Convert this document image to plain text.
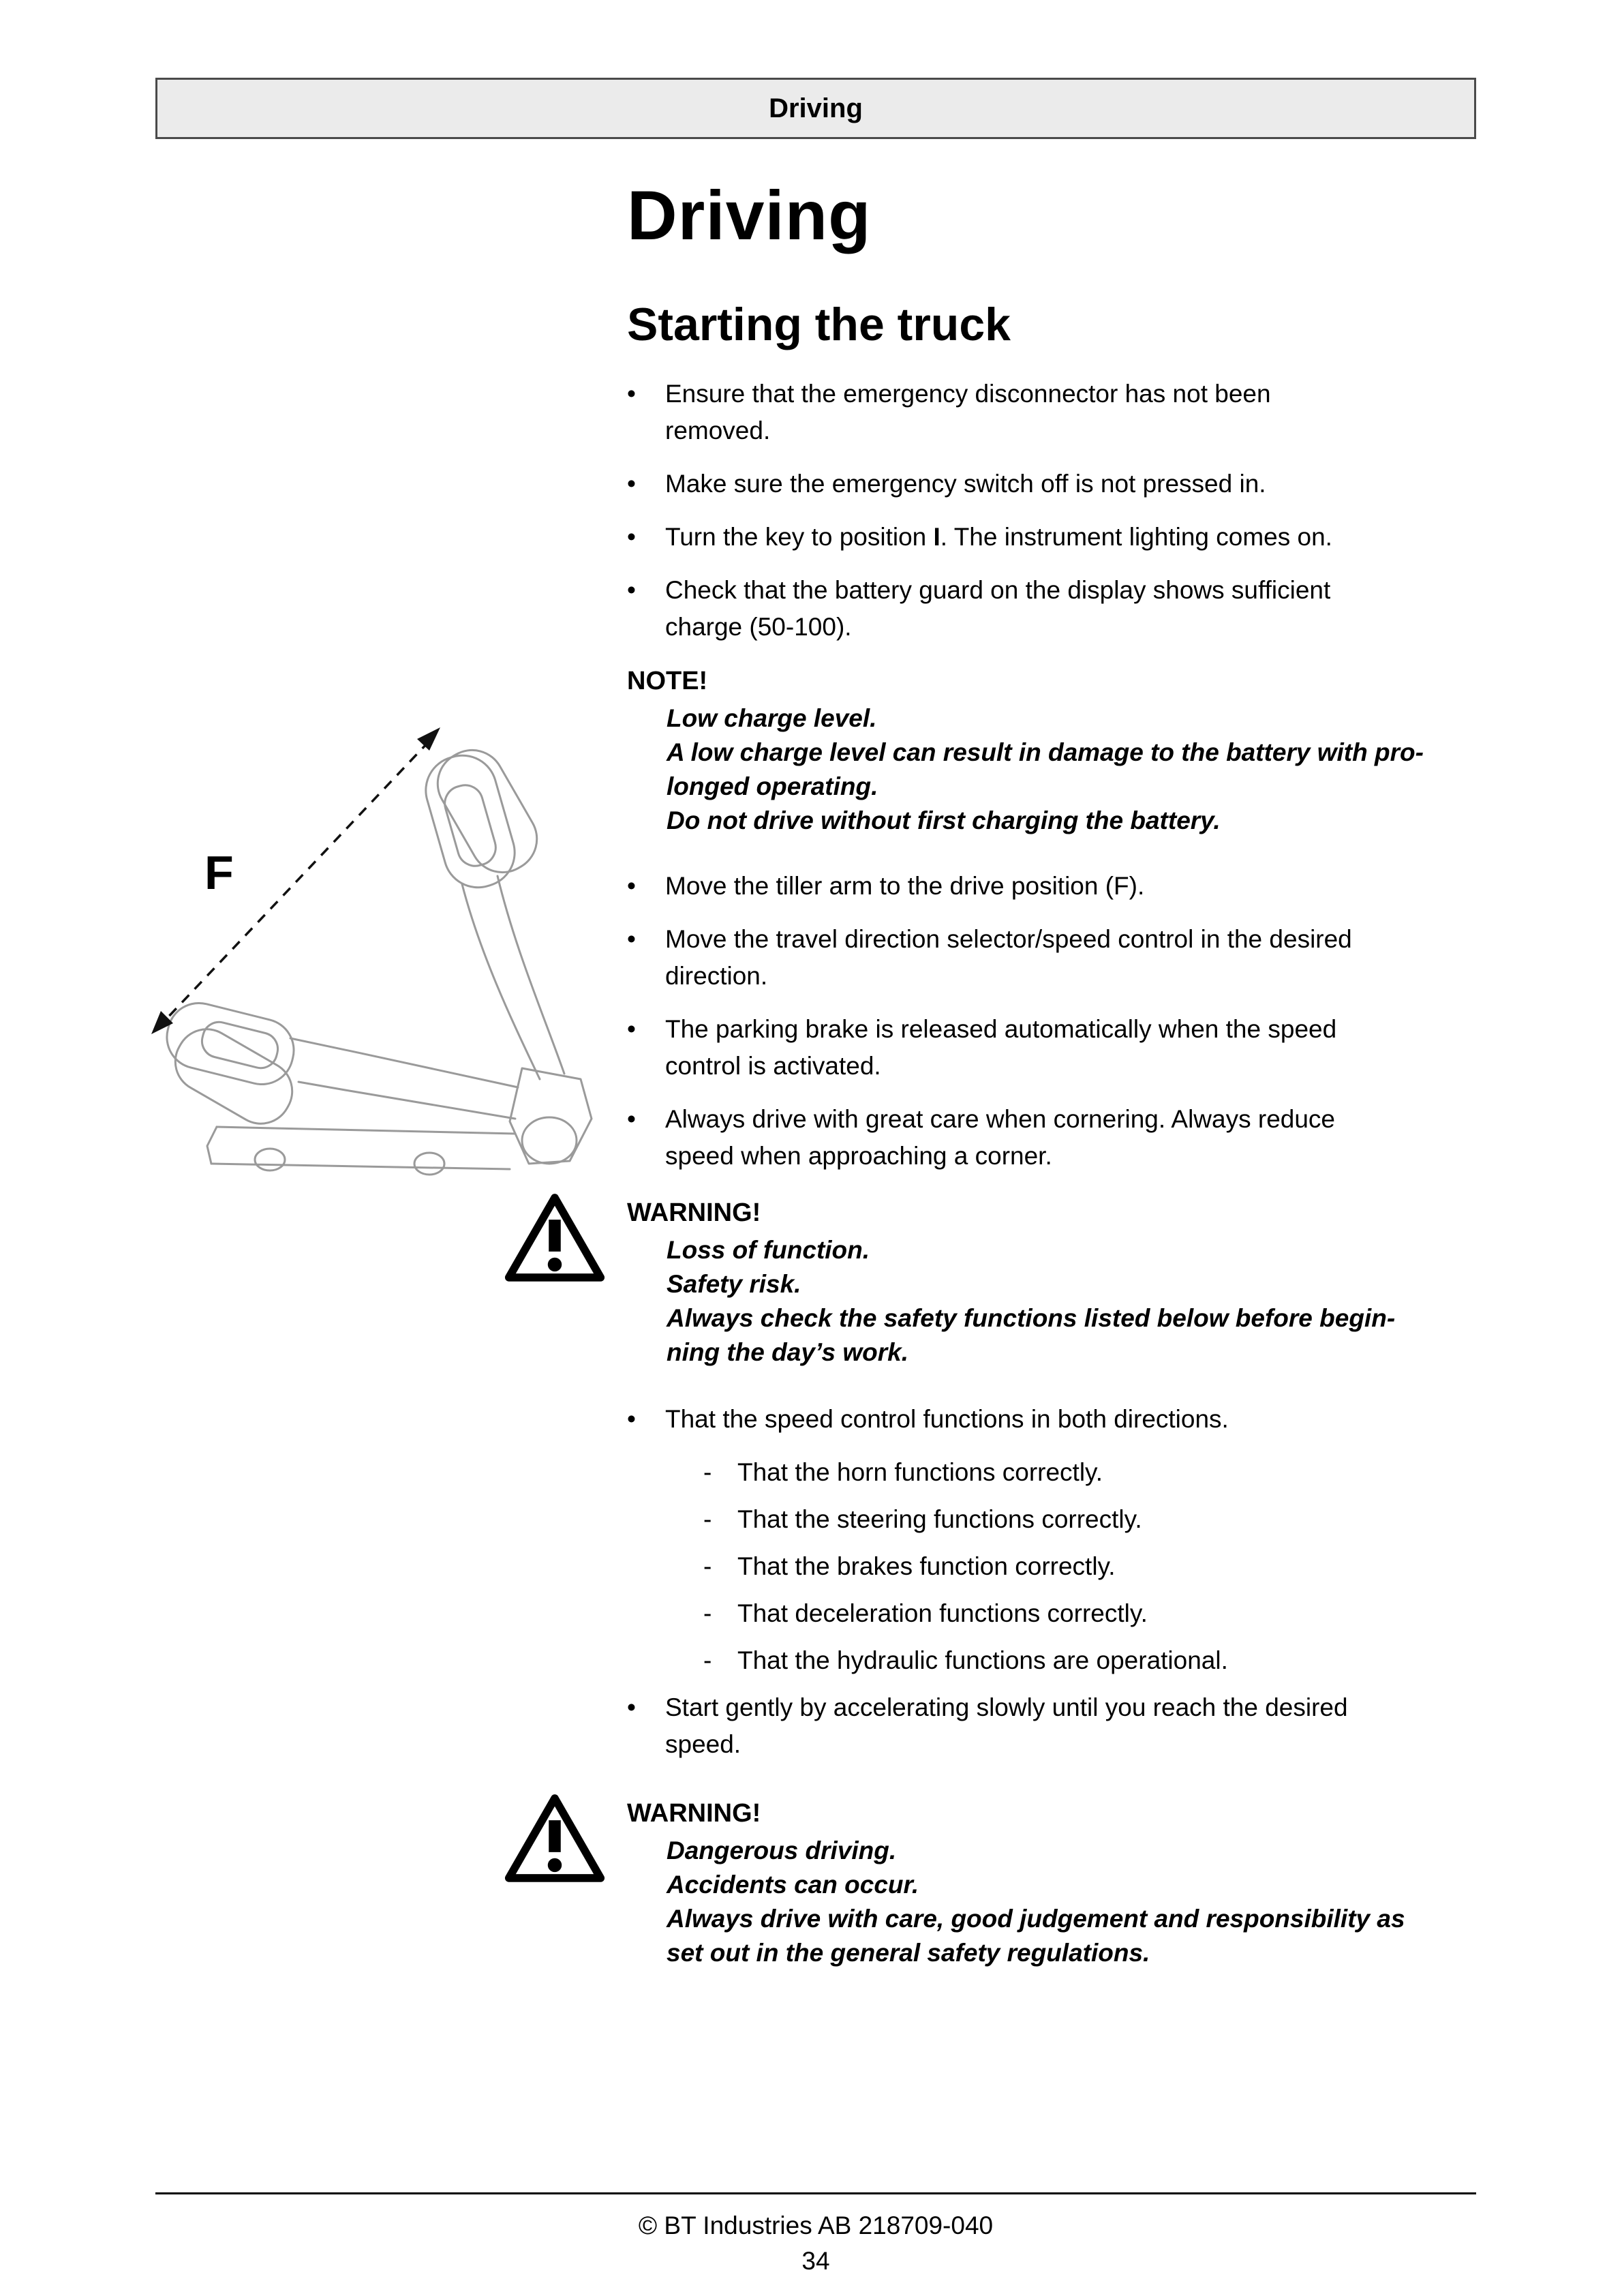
Driving
F
Driving
Starting the truck
•	Ensure that the emergency disconnector has not been
removed.
•	Make sure the emergency switch off is not pressed in.
•	Turn the key to position I. The instrument lighting comes on.
•	Check that the battery guard on the display shows sufficient
charge (50-100).
NOTE!
Low charge level.
A low charge level can result in damage to the battery with pro-
longed operating.
Do not drive without first charging the battery.
•	Move the tiller arm to the drive position (F).
•	Move the travel direction selector/speed control in the desired
direction.
•	The parking brake is released automatically when the speed
control is activated.
•	Always drive with great care when cornering. Always reduce
speed when approaching a corner.
WARNING!
Loss of function.
Safety risk.
Always check the safety functions listed below before begin-
ning the day’s work.
•	That the speed control functions in both directions.
-	That the horn functions correctly.
-	That the steering functions correctly.
-	That the brakes function correctly.
-	That deceleration functions correctly.
-	That the hydraulic functions are operational.
•	Start gently by accelerating slowly until you reach the desired
speed.
WARNING!
Dangerous driving.
Accidents can occur.
Always drive with care, good judgement and responsibility as
set out in the general safety regulations.
© BT Industries AB 218709-040
34
